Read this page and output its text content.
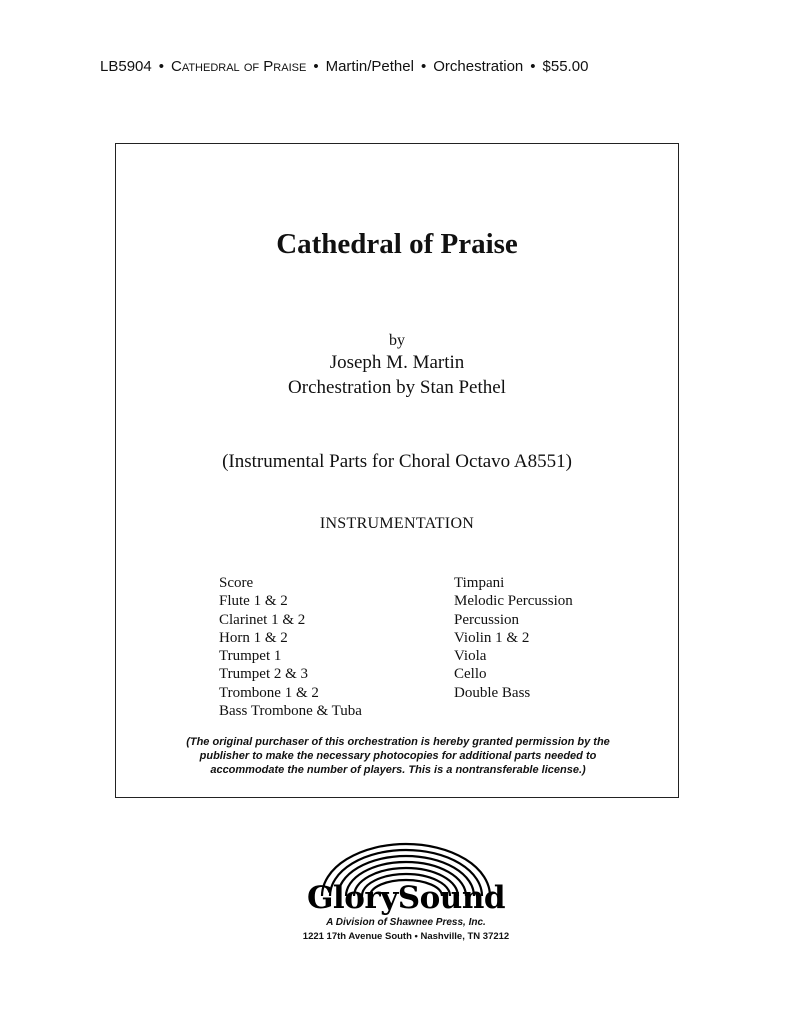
LB5904 • Cathedral of Praise • Martin/Pethel • Orchestration • $55.00
Cathedral of Praise
by
Joseph M. Martin
Orchestration by Stan Pethel
(Instrumental Parts for Choral Octavo A8551)
INSTRUMENTATION
Score
Flute 1 & 2
Clarinet 1 & 2
Horn 1 & 2
Trumpet 1
Trumpet 2 & 3
Trombone 1 & 2
Bass Trombone & Tuba
Timpani
Melodic Percussion
Percussion
Violin 1 & 2
Viola
Cello
Double Bass
(The original purchaser of this orchestration is hereby granted permission by the
publisher to make the necessary photocopies for additional parts needed to
accommodate the number of players. This is a nontransferable license.)
GlorySound
A Division of Shawnee Press, Inc.
1221 17th Avenue South • Nashville, TN 37212
